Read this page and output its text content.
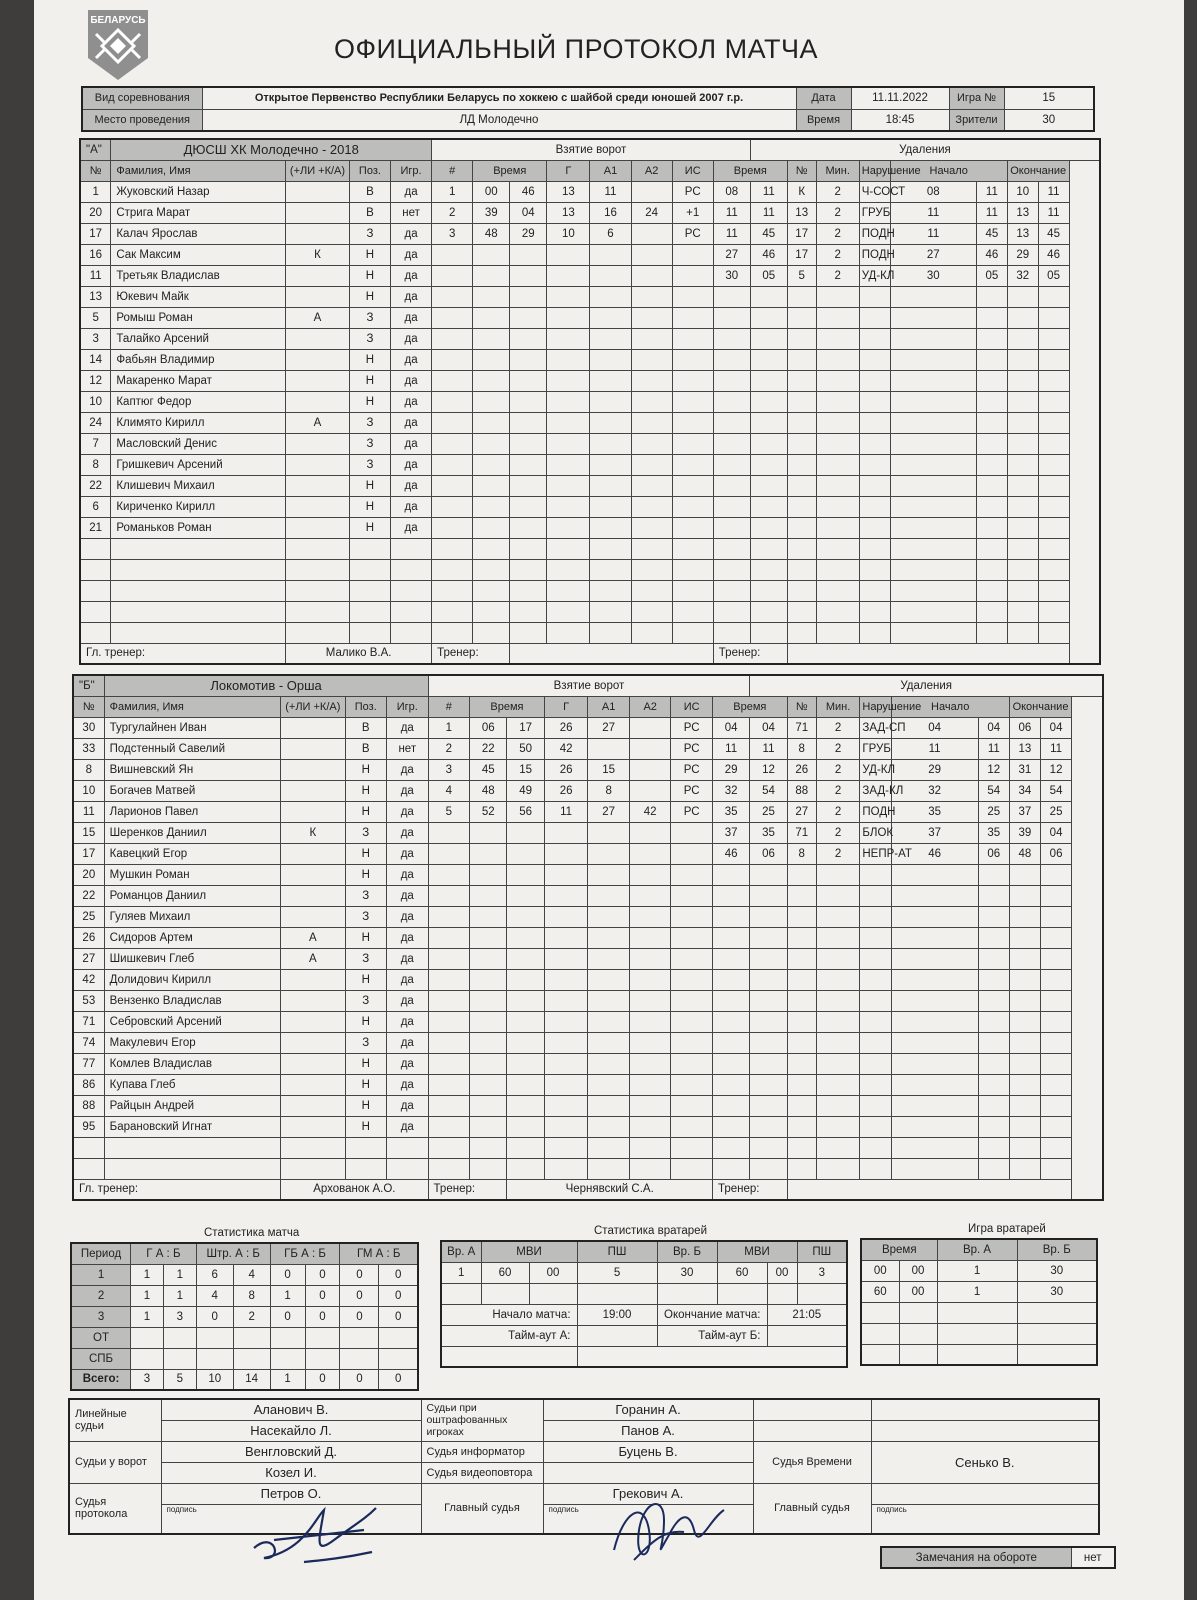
БЕЛАРУСЬ
ОФИЦИАЛЬНЫЙ ПРОТОКОЛ МАТЧА
Вид соревнования	Открытое Первенство Республики Беларусь по хоккею с шайбой среди юношей 2007 г.р.	Дата	11.11.2022	Игра №	15
Место проведения	ЛД Молодечно	Время	18:45	Зрители	30
"А"	ДЮСШ ХК Молодечно - 2018				Взятие ворот								Удаления							
№	Фамилия, Имя	(+ЛИ +К/А)	Поз.	Игр.	#	Время		Г	А1	А2	ИС	Время		№	Мин.	Нарушение	Начало		Окончание	
1	Жуковский Назар		В	да	1	00	46	13	11		РС	08	11	К	2	Ч-СОСТ	08	11	10	11
20	Стрига Марат		В	нет	2	39	04	13	16	24	+1	11	11	13	2	ГРУБ	11	11	13	11
17	Калач Ярослав		З	да	3	48	29	10	6		РС	11	45	17	2	ПОДН	11	45	13	45
16	Сак Максим	К	Н	да								27	46	17	2	ПОДН	27	46	29	46
11	Третьяк Владислав		Н	да								30	05	5	2	УД-КЛ	30	05	32	05
13	Юкевич Майк		Н	да																
5	Ромыш Роман	А	З	да																
3	Талайко Арсений		З	да																
14	Фабьян Владимир		Н	да																
12	Макаренко Марат		Н	да																
10	Каптюг Федор		Н	да																
24	Климято Кирилл	А	З	да																
7	Масловский Денис		З	да																
8	Гришкевич Арсений		З	да																
22	Клишевич Михаил		Н	да																
6	Кириченко Кирилл		Н	да																
21	Романьков Роман		Н	да																

Гл. тренер:		Малико В.А.			Тренер:							Тренер:								
"Б"	Локомотив - Орша				Взятие ворот								Удаления							
№	Фамилия, Имя	(+ЛИ +К/А)	Поз.	Игр.	#	Время		Г	А1	А2	ИС	Время		№	Мин.	Нарушение	Начало		Окончание	
30	Тургулайнен Иван		В	да	1	06	17	26	27		РС	04	04	71	2	ЗАД-СП	04	04	06	04
33	Подстенный Савелий		В	нет	2	22	50	42			РС	11	11	8	2	ГРУБ	11	11	13	11
8	Вишневский Ян		Н	да	3	45	15	26	15		РС	29	12	26	2	УД-КЛ	29	12	31	12
10	Богачев Матвей		Н	да	4	48	49	26	8		РС	32	54	88	2	ЗАД-КЛ	32	54	34	54
11	Ларионов Павел		Н	да	5	52	56	11	27	42	РС	35	25	27	2	ПОДН	35	25	37	25
15	Шеренков Даниил	К	З	да								37	35	71	2	БЛОК	37	35	39	04
17	Кавецкий Егор		Н	да								46	06	8	2	НЕПР-АТ	46	06	48	06
20	Мушкин Роман		Н	да																
22	Романцов Даниил		З	да																
25	Гуляев Михаил		З	да																
26	Сидоров Артем	А	Н	да																
27	Шишкевич Глеб	А	З	да																
42	Долидович Кирилл		Н	да																
53	Вензенко Владислав		З	да																
71	Себровский Арсений		Н	да																
74	Макулевич Егор		З	да																
77	Комлев Владислав		Н	да																
86	Купава Глеб		Н	да																
88	Райцын Андрей		Н	да																
95	Барановский Игнат		Н	да																

Гл. тренер:		Архованок А.О.			Тренер:		Чернявский С.А.					Тренер:								
Статистика матча
Период	Г А : Б		Штр. А : Б		ГБ А : Б		ГМ А : Б	
1	1	1	6	4	0	0	0	0
2	1	1	4	8	1	0	0	0
3	1	3	0	2	0	0	0	0
ОТ								
СПБ								
Всего:	3	5	10	14	1	0	0	0
Статистика вратарей
Вр. А	МВИ		ПШ	Вр. Б	МВИ		ПШ
1	60	00	5	30	60	00	3

Начало матча:			19:00	Окончание матча:		21:05	
Тайм-аут А:				Тайм-аут Б:			

Игра вратарей
Время		Вр. А	Вр. Б
00	00	1	30
60	00	1	30

Линейные судьи	Аланович В.	Судьи при оштрафованных игроках	Горанин А.		
	Насекайло Л.		Панов А.		
Судьи у ворот	Венгловский Д.	Судья информатор	Буцень В.	Судья Времени	Сенько В.
	Козел И.	Судья видеоповтора			
Судья протокола	Петров О.	Главный судья	Грекович А.	Главный судья	
	подпись		подпись		подпись
Замечания на обороте	нет
